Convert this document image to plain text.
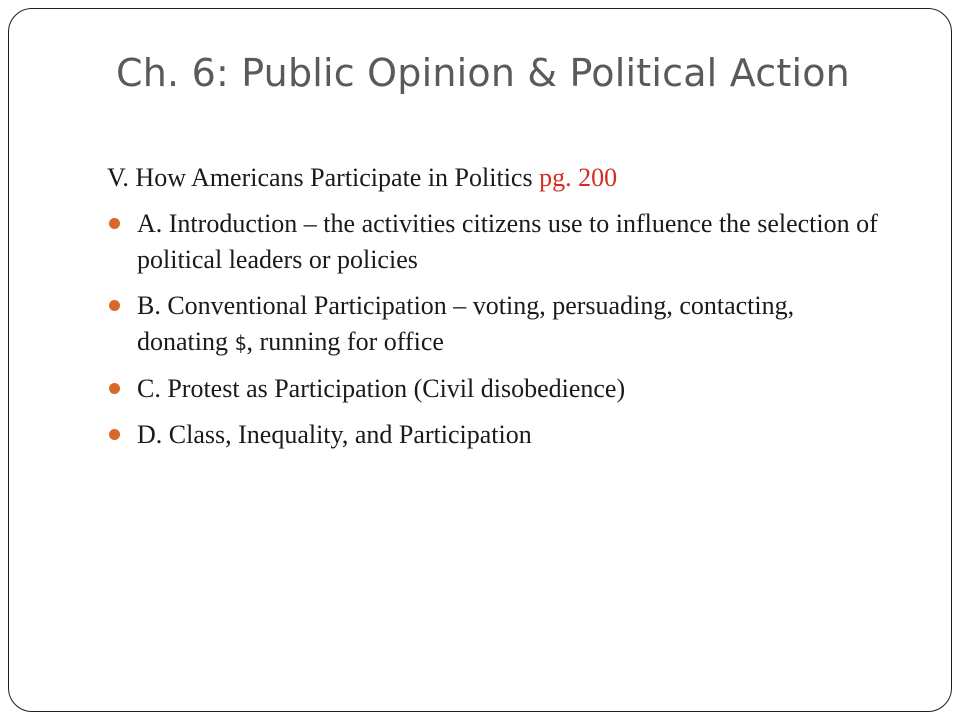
Ch. 6: Public Opinion & Political Action

V. How Americans Participate in Politics pg. 200

A. Introduction – the activities citizens use to influence the selection of political leaders or policies
B. Conventional Participation – voting, persuading, contacting, donating $, running for office
C. Protest as Participation (Civil disobedience)
D. Class, Inequality, and Participation
